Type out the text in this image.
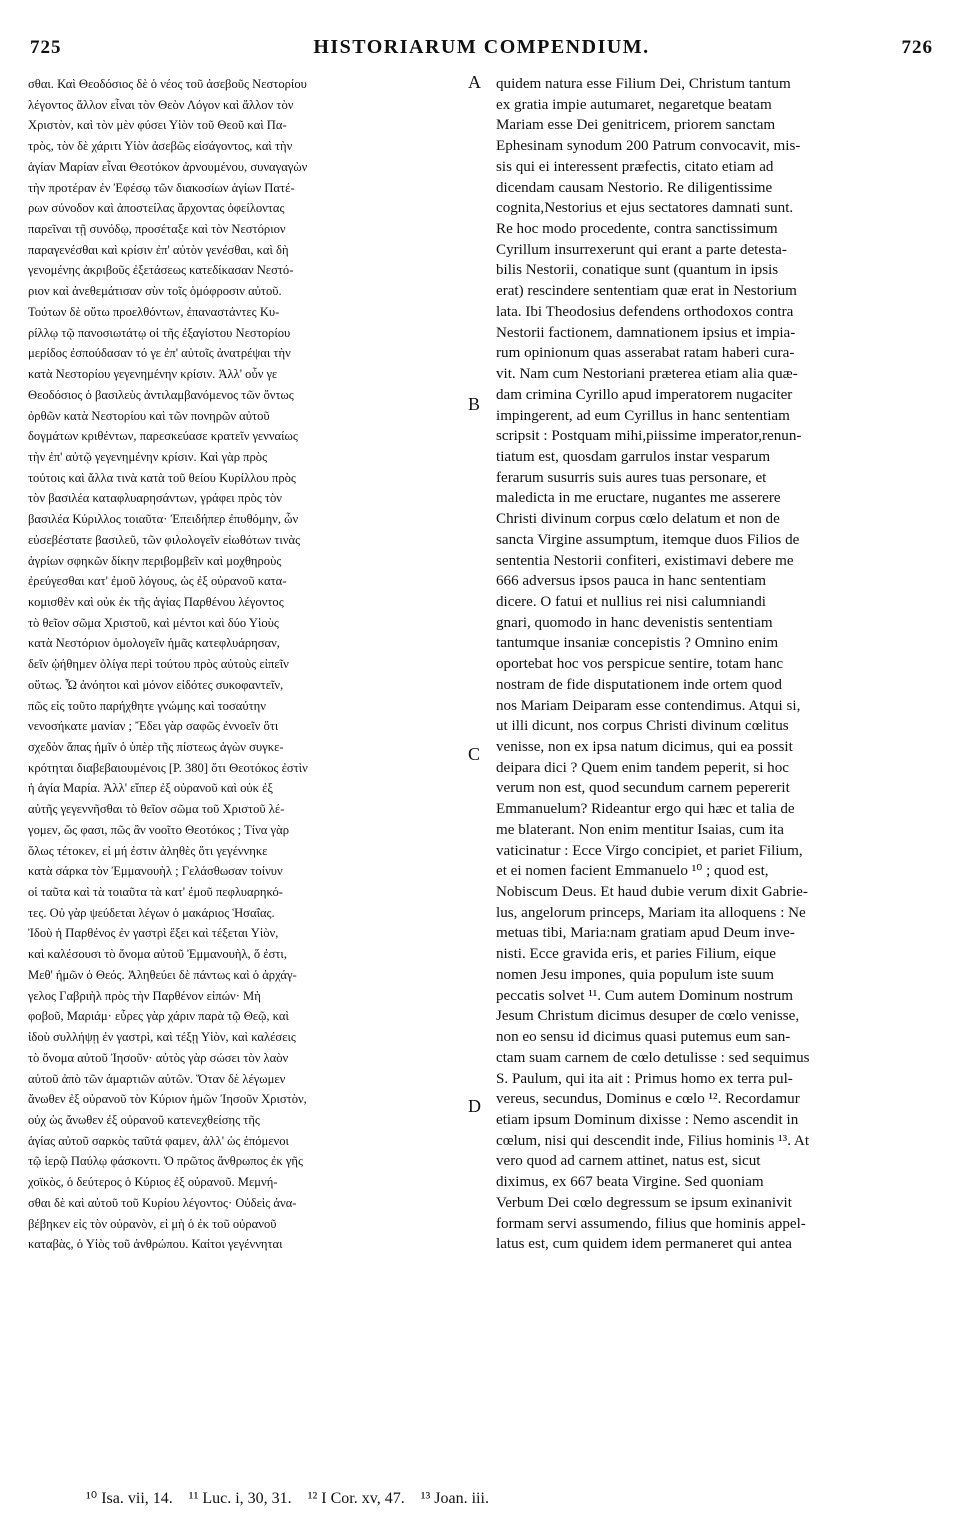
725	HISTORIARUM COMPENDIUM.	726
σθαι. Καὶ Θεοδόσιος δὲ ὁ νέος τοῦ ἀσεβοῦς Νεστορίου
λέγοντος ἄλλον εἶναι τὸν Θεὸν Λόγον καὶ ἄλλον τὸν
Χριστὸν, καὶ τὸν μὲν φύσει Υἱὸν τοῦ Θεοῦ καὶ Πα-
τρὸς, τὸν δὲ χάριτι Υἱὸν ἀσεβῶς εἰσάγοντος, καὶ τὴν
ἁγίαν Μαρίαν εἶναι Θεοτόκον ἀρνουμένου, συναγαγὼν
τὴν προτέραν ἐν Ἐφέσῳ τῶν διακοσίων ἁγίων Πατέ-
ρων σύνοδον καὶ ἀποστείλας ἄρχοντας ὀφείλοντας
παρεῖναι τῇ συνόδῳ, προσέταξε καὶ τὸν Νεστόριον
παραγενέσθαι καὶ κρίσιν ἐπ' αὐτὸν γενέσθαι, καὶ δὴ
γενομένης ἀκριβοῦς ἐξετάσεως κατεδίκασαν Νεστό-
ριον καὶ ἀνεθεμάτισαν σὺν τοῖς ὁμόφροσιν αὐτοῦ.
Τούτων δὲ οὕτω προελθόντων, ἐπαναστάντες Κυ-
ρίλλῳ τῷ πανοσιωτάτῳ οἱ τῆς ἐξαγίστου Νεστορίου
μερίδος ἐσπούδασαν τό γε ἐπ' αὐτοῖς ἀνατρέψαι τὴν
κατὰ Νεστορίου γεγενημένην κρίσιν. Ἀλλ' οὖν γε
Θεοδόσιος ὁ βασιλεὺς ἀντιλαμβανόμενος τῶν ὄντως
ὀρθῶν κατὰ Νεστορίου καὶ τῶν πονηρῶν αὐτοῦ
δογμάτων κριθέντων, παρεσκεύασε κρατεῖν γενναίως
τὴν ἐπ' αὐτῷ γεγενημένην κρίσιν. Καὶ γὰρ πρὸς
τούτοις καὶ ἄλλα τινὰ κατὰ τοῦ θείου Κυρίλλου πρὸς
τὸν βασιλέα καταφλυαρησάντων, γράφει πρὸς τὸν
βασιλέα Κύριλλος τοιαῦτα· Ἐπειδήπερ ἐπυθόμην, ὦν
εὐσεβέστατε βασιλεῦ, τῶν φιλολογεῖν εἰωθότων τινὰς
ἀγρίων σφηκῶν δίκην περιβομβεῖν καὶ μοχθηροὺς
ἐρεύγεσθαι κατ' ἐμοῦ λόγους, ὡς ἐξ οὐρανοῦ κατα-
κομισθὲν καὶ οὐκ ἐκ τῆς ἁγίας Παρθένου λέγοντος
τὸ θεῖον σῶμα Χριστοῦ, καὶ μέντοι καὶ δύο Υἱοὺς
κατὰ Νεστόριον ὁμολογεῖν ἡμᾶς κατεφλυάρησαν,
δεῖν ᾠήθημεν ὀλίγα περὶ τούτου πρὸς αὐτοὺς εἰπεῖν
οὕτως. Ὦ ἀνόητοι καὶ μόνον εἰδότες συκοφαντεῖν,
πῶς εἰς τοῦτο παρήχθητε γνώμης καὶ τοσαύτην
νενοσήκατε μανίαν ; Ἔδει γὰρ σαφῶς ἐννοεῖν ὅτι
σχεδὸν ἅπας ἡμῖν ὁ ὑπὲρ τῆς πίστεως ἀγὼν συγκε-
κρότηται διαβεβαιουμένοις [P. 380] ὅτι Θεοτόκος ἐστὶν
ἡ ἁγία Μαρία. Ἀλλ' εἴπερ ἐξ οὐρανοῦ καὶ οὐκ ἐξ
αὐτῆς γεγεννῆσθαι τὸ θεῖον σῶμα τοῦ Χριστοῦ λέ-
γομεν, ὥς φασι, πῶς ἂν νοοῖτο Θεοτόκος ; Τίνα γὰρ
ὅλως τέτοκεν, εἰ μή ἐστιν ἀληθὲς ὅτι γεγέννηκε
κατὰ σάρκα τὸν Ἐμμανουὴλ ; Γελάσθωσαν τοίνυν
οἱ ταῦτα καὶ τὰ τοιαῦτα τὰ κατ' ἐμοῦ πεφλυαρηκό-
τες. Οὐ γὰρ ψεύδεται λέγων ὁ μακάριος Ἡσαΐας.
Ἰδοὺ ἡ Παρθένος ἐν γαστρὶ ἕξει καὶ τέξεται Υἱὸν,
καὶ καλέσουσι τὸ ὄνομα αὐτοῦ Ἐμμανουὴλ, ὅ ἐστι,
Μεθ' ἡμῶν ὁ Θεός. Ἀληθεύει δὲ πάντως καὶ ὁ ἀρχάγ-
γελος Γαβριὴλ πρὸς τὴν Παρθένον εἰπών· Μὴ
φοβοῦ, Μαριάμ· εὗρες γὰρ χάριν παρὰ τῷ Θεῷ, καὶ
ἰδοὺ συλλήψῃ ἐν γαστρὶ, καὶ τέξῃ Υἱὸν, καὶ καλέσεις
τὸ ὄνομα αὐτοῦ Ἰησοῦν· αὐτὸς γὰρ σώσει τὸν λαὸν
αὐτοῦ ἀπὸ τῶν ἁμαρτιῶν αὐτῶν. Ὅταν δὲ λέγωμεν
ἄνωθεν ἐξ οὐρανοῦ τὸν Κύριον ἡμῶν Ἰησοῦν Χριστὸν,
οὐχ ὡς ἄνωθεν ἐξ οὐρανοῦ κατενεχθείσης τῆς
ἁγίας αὐτοῦ σαρκὸς ταῦτά φαμεν, ἀλλ' ὡς ἑπόμενοι
τῷ ἱερῷ Παύλῳ φάσκοντι. Ὁ πρῶτος ἄνθρωπος ἐκ γῆς
χοϊκὸς, ὁ δεύτερος ὁ Κύριος ἐξ οὐρανοῦ. Μεμνή-
σθαι δὲ καὶ αὐτοῦ τοῦ Κυρίου λέγοντος· Οὐδεὶς ἀνα-
βέβηκεν εἰς τὸν οὐρανὸν, εἰ μὴ ὁ ἐκ τοῦ οὐρανοῦ
καταβὰς, ὁ Υἱὸς τοῦ ἀνθρώπου. Καίτοι γεγέννηται
quidem natura esse Filium Dei, Christum tantum
ex gratia impie autumaret, negaretque beatam
Mariam esse Dei genitricem, priorem sanctam
Ephesinam synodum 200 Patrum convocavit, mis-
sis qui ei interessent præfectis, citato etiam ad
dicendam causam Nestorio. Re diligentissime
cognita,Nestorius et ejus sectatores damnati sunt.
Re hoc modo procedente, contra sanctissimum
Cyrillum insurrexerunt qui erant a parte detesta-
bilis Nestorii, conatique sunt (quantum in ipsis
erat) rescindere sententiam quæ erat in Nestorium
lata. Ibi Theodosius defendens orthodoxos contra
Nestorii factionem, damnationem ipsius et impia-
rum opinionum quas asserabat ratam haberi cura-
vit. Nam cum Nestoriani præterea etiam alia quæ-
dam crimina Cyrillo apud imperatorem nugaciter
impingerent, ad eum Cyrillus in hanc sententiam
scripsit : Postquam mihi,piissime imperator,renun-
tiatum est, quosdam garrulos instar vesparum
ferarum susurris suis aures tuas personare, et
maledicta in me eructare, nugantes me asserere
Christi divinum corpus cœlo delatum et non de
sancta Virgine assumptum, itemque duos Filios de
sententia Nestorii confiteri, existimavi debere me
666 adversus ipsos pauca in hanc sententiam
dicere. O fatui et nullius rei nisi calumniandi
gnari, quomodo in hanc devenistis sententiam
tantumque insaniæ concepistis ? Omnino enim
oportebat hoc vos perspicue sentire, totam hanc
nostram de fide disputationem inde ortem quod
nos Mariam Deiparam esse contendimus. Atqui si,
ut illi dicunt, nos corpus Christi divinum cœlitus
venisse, non ex ipsa natum dicimus, qui ea possit
deipara dici ? Quem enim tandem peperit, si hoc
verum non est, quod secundum carnem pepererit
Emmanuelum? Rideantur ergo qui hæc et talia de
me blaterant. Non enim mentitur Isaias, cum ita
vaticinatur : Ecce Virgo concipiet, et pariet Filium,
et ei nomen facient Emmanuelo ¹⁰ ; quod est,
Nobiscum Deus. Et haud dubie verum dixit Gabrie-
lus, angelorum princeps, Mariam ita alloquens : Ne
metuas tibi, Maria:nam gratiam apud Deum inve-
nisti. Ecce gravida eris, et paries Filium, eique
nomen Jesu impones, quia populum iste suum
peccatis solvet ¹¹. Cum autem Dominum nostrum
Jesum Christum dicimus desuper de cœlo venisse,
non eo sensu id dicimus quasi putemus eum san-
ctam suam carnem de cœlo detulisse : sed sequimus
S. Paulum, qui ita ait : Primus homo ex terra pul-
vereus, secundus, Dominus e cœlo ¹². Recordamur
etiam ipsum Dominum dixisse : Nemo ascendit in
cœlum, nisi qui descendit inde, Filius hominis ¹³. At
vero quod ad carnem attinet, natus est, sicut
diximus, ex 667 beata Virgine. Sed quoniam
Verbum Dei cœlo degressum se ipsum exinanivit
formam servi assumendo, filius que hominis appel-
latus est, cum quidem idem permaneret qui antea
A
B
C
D
¹⁰ Isa. vii, 14. ¹¹ Luc. i, 30, 31. ¹² I Cor. xv, 47. ¹³ Joan. iii.
